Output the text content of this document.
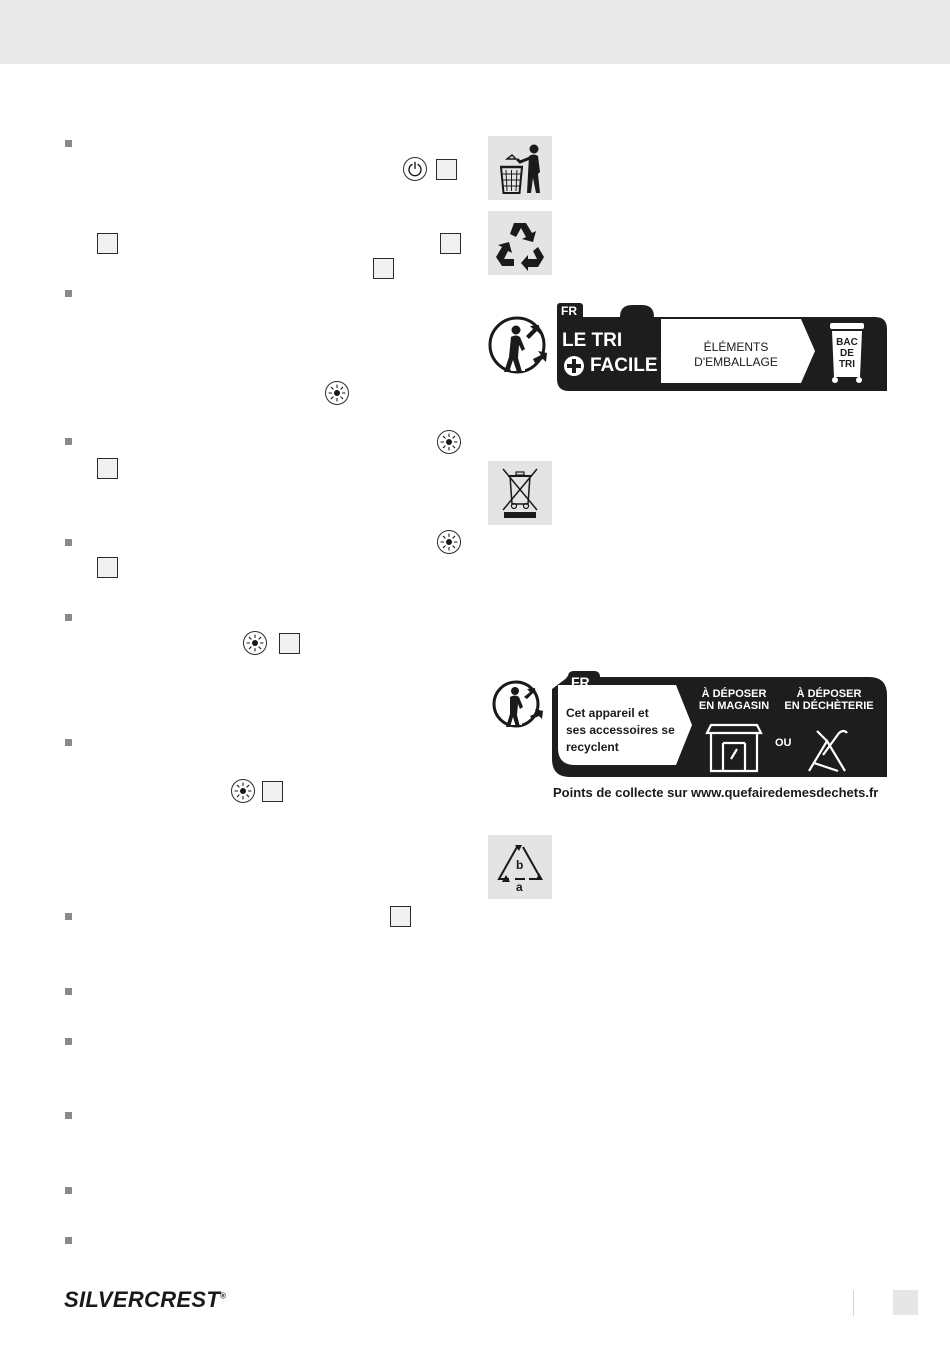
FR
LE TRI
FACILE
ÉLÉMENTS
D'EMBALLAGE
BAC
DE
TRI
FR
Cet appareil et
ses accessoires se
recyclent
À DÉPOSER
EN MAGASIN
OU
À DÉPOSER
EN DÉCHÈTERIE
Points de collecte sur www.quefairedemesdechets.fr
b
a
SILVERCREST®
